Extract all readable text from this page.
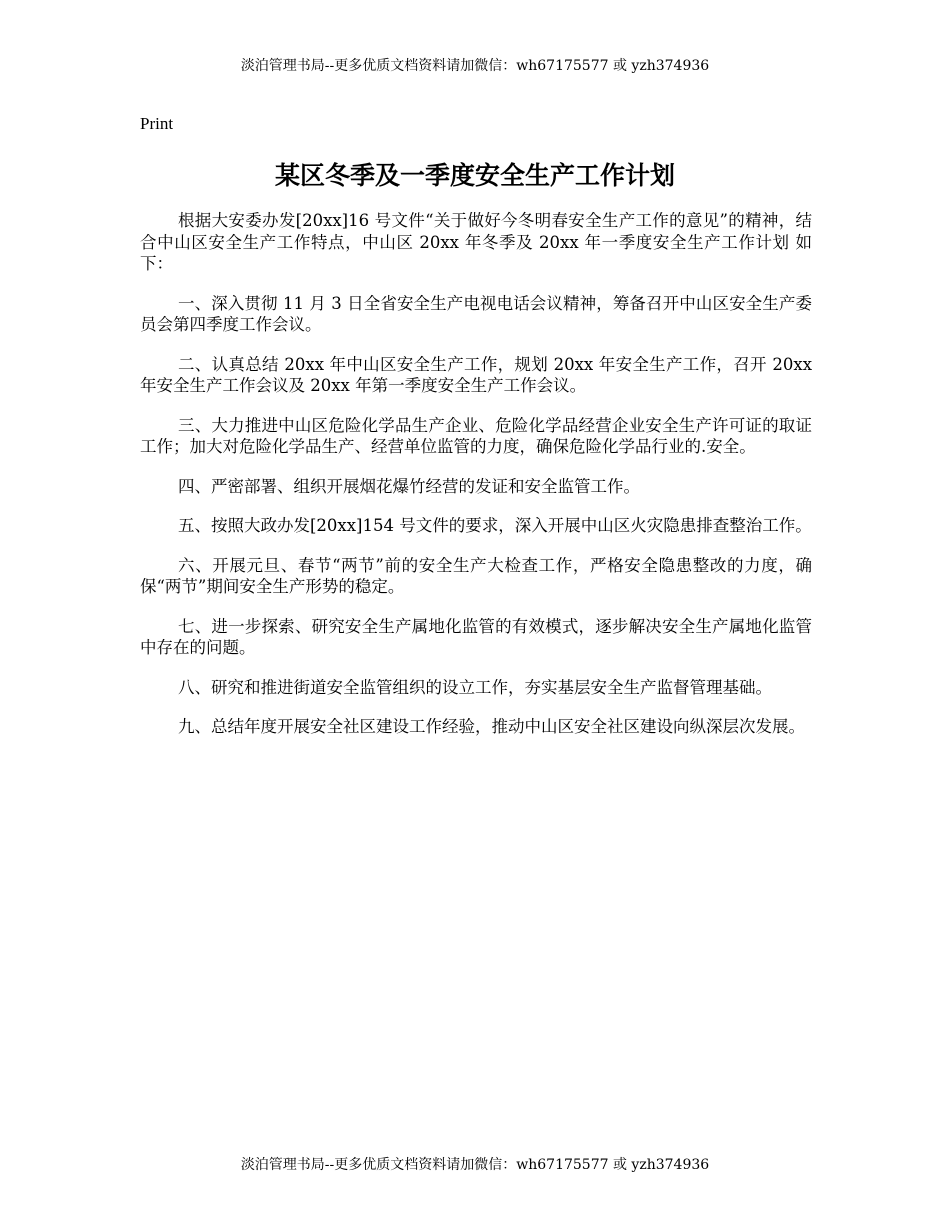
淡泊管理书局--更多优质文档资料请加微信：wh67175577 或 yzh374936
Print
某区冬季及一季度安全生产工作计划

根据大安委办发[20xx]16 号文件“关于做好今冬明春安全生产工作的意见”的精神，结合中山区安全生产工作特点，中山区 20xx 年冬季及 20xx 年一季度安全生产工作计划 如下：

一、深入贯彻 11 月 3 日全省安全生产电视电话会议精神，筹备召开中山区安全生产委员会第四季度工作会议。

二、认真总结 20xx 年中山区安全生产工作，规划 20xx 年安全生产工作，召开 20xx 年安全生产工作会议及 20xx 年第一季度安全生产工作会议。

三、大力推进中山区危险化学品生产企业、危险化学品经营企业安全生产许可证的取证工作；加大对危险化学品生产、经营单位监管的力度，确保危险化学品行业的.安全。

四、严密部署、组织开展烟花爆竹经营的发证和安全监管工作。

五、按照大政办发[20xx]154 号文件的要求，深入开展中山区火灾隐患排查整治工作。

六、开展元旦、春节“两节”前的安全生产大检查工作，严格安全隐患整改的力度，确保“两节”期间安全生产形势的稳定。

七、进一步探索、研究安全生产属地化监管的有效模式，逐步解决安全生产属地化监管中存在的问题。

八、研究和推进街道安全监管组织的设立工作，夯实基层安全生产监督管理基础。

九、总结年度开展安全社区建设工作经验，推动中山区安全社区建设向纵深层次发展。

淡泊管理书局--更多优质文档资料请加微信：wh67175577 或 yzh374936
